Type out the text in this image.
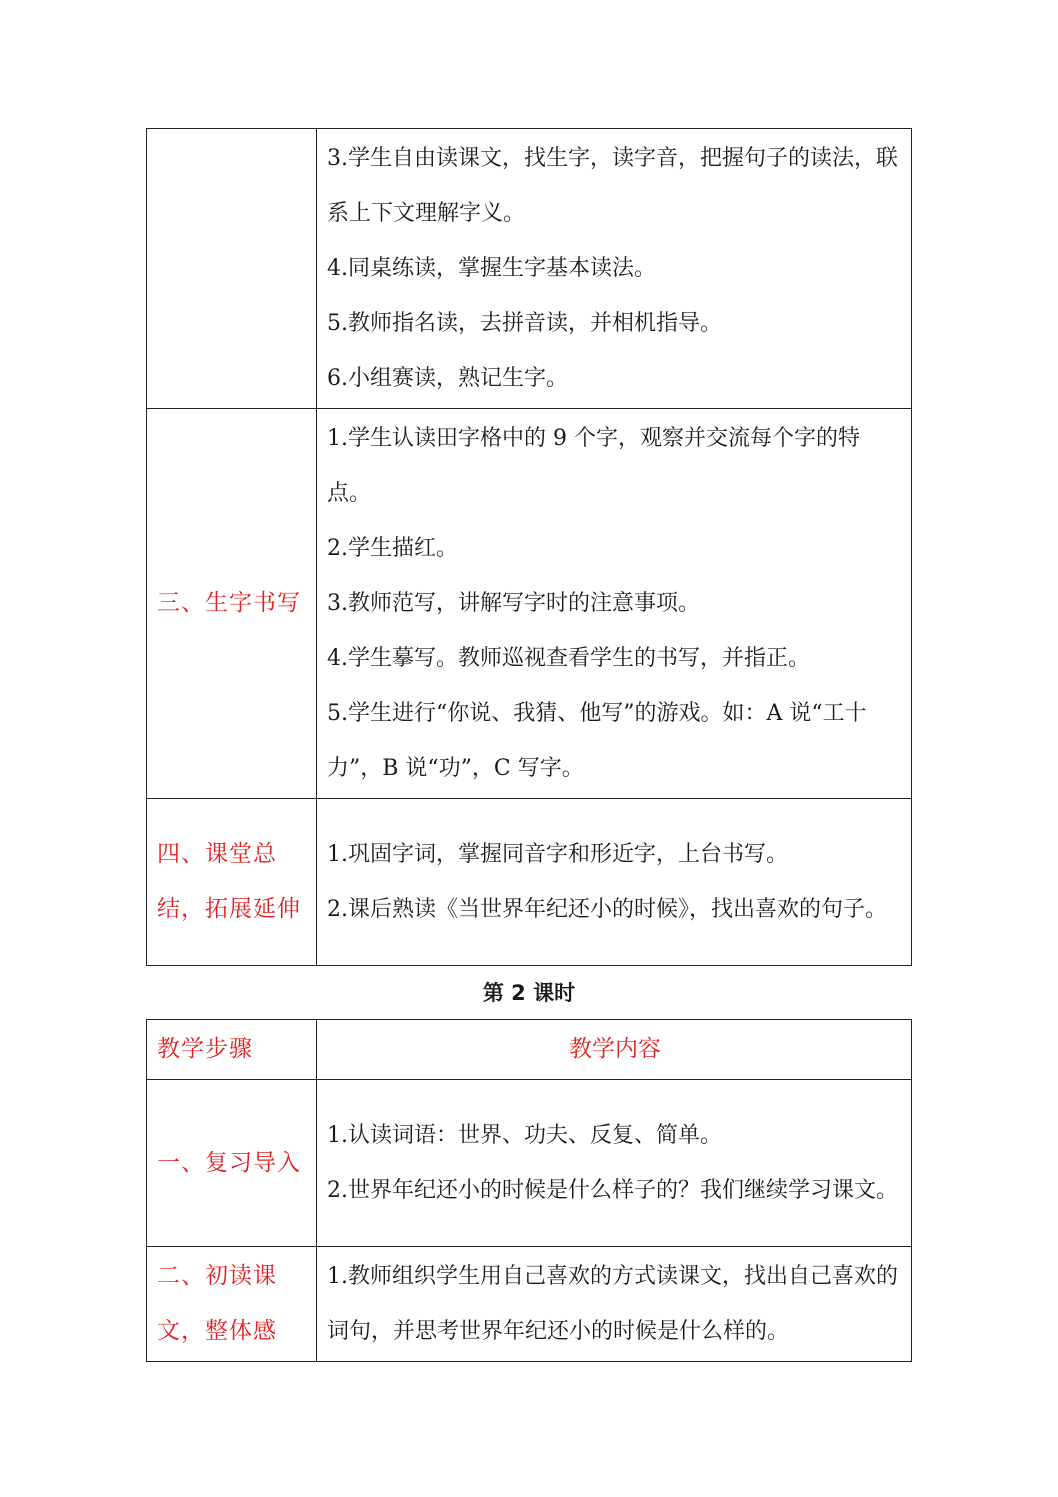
	3.学生自由读课文，找生字，读字音，把握句子的读法，联系上下文理解字义。

4.同桌练读，掌握生字基本读法。

5.教师指名读，去拼音读，并相机指导。

6.小组赛读，熟记生字。

三、生字书写	1.学生认读田字格中的 9 个字，观察并交流每个字的特点。

2.学生描红。

3.教师范写，讲解写字时的注意事项。

4.学生摹写。教师巡视查看学生的书写，并指正。

5.学生进行“你说、我猜、他写”的游戏。如：A 说“工十力”，B 说“功”，C 写字。

四、课堂总结，拓展延伸	1.巩固字词，掌握同音字和形近字，上台书写。

2.课后熟读《当世界年纪还小的时候》，找出喜欢的句子。

第 2 课时
教学步骤	教学内容
一、复习导入	1.认读词语：世界、功夫、反复、简单。

2.世界年纪还小的时候是什么样子的？我们继续学习课文。

二、初读课文，整体感	1.教师组织学生用自己喜欢的方式读课文，找出自己喜欢的词句，并思考世界年纪还小的时候是什么样的。
